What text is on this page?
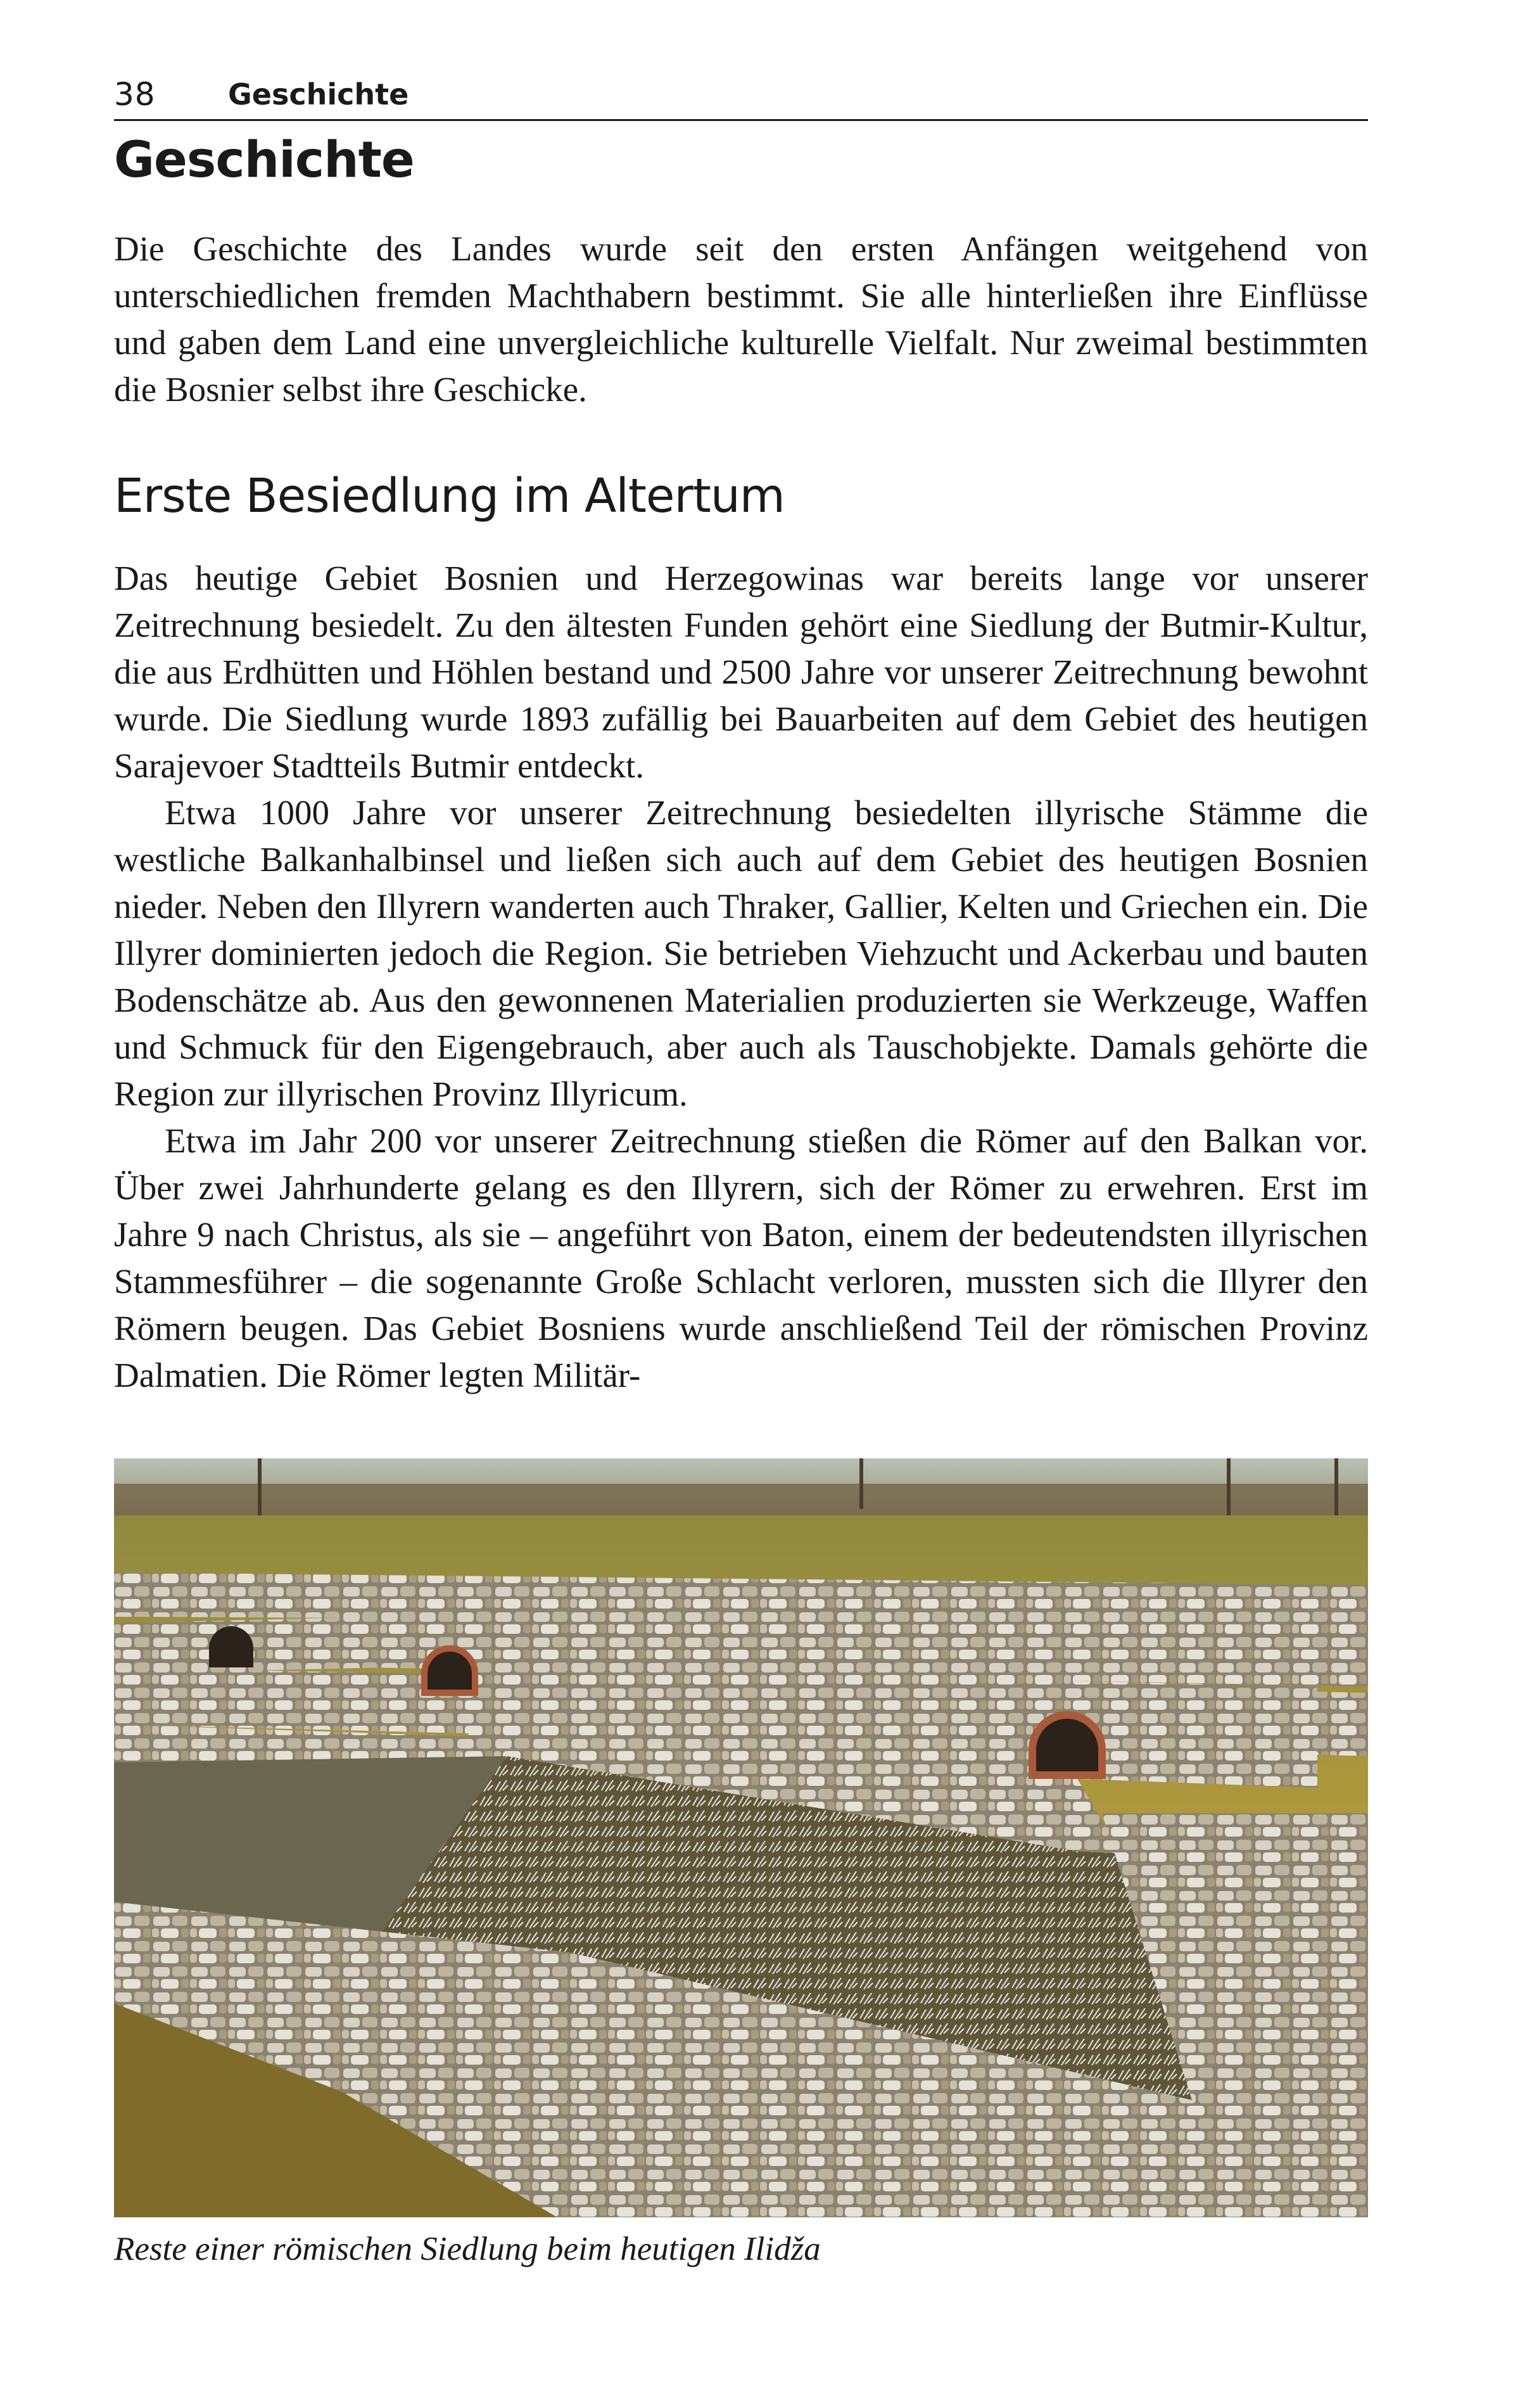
38 Geschichte
Geschichte

Die Geschichte des Landes wurde seit den ersten Anfängen weitgehend von unterschiedlichen fremden Machthabern bestimmt. Sie alle hinterließen ihre Einflüsse und gaben dem Land eine unvergleichliche kulturelle Vielfalt. Nur zweimal bestimmten die Bosnier selbst ihre Geschicke.

Erste Besiedlung im Altertum

Das heutige Gebiet Bosnien und Herzegowinas war bereits lange vor unserer Zeitrechnung besiedelt. Zu den ältesten Funden gehört eine Siedlung der Butmir-Kultur, die aus Erdhütten und Höhlen bestand und 2500 Jahre vor unserer Zeitrechnung bewohnt wurde. Die Siedlung wurde 1893 zufällig bei Bauarbeiten auf dem Gebiet des heutigen Sarajevoer Stadtteils Butmir entdeckt.

Etwa 1000 Jahre vor unserer Zeitrechnung besiedelten illyrische Stämme die westliche Balkanhalbinsel und ließen sich auch auf dem Gebiet des heutigen Bosnien nieder. Neben den Illyrern wanderten auch Thraker, Gallier, Kelten und Griechen ein. Die Illyrer dominierten jedoch die Region. Sie betrieben Viehzucht und Ackerbau und bauten Bodenschätze ab. Aus den gewonnenen Materialien produzierten sie Werkzeuge, Waffen und Schmuck für den Eigengebrauch, aber auch als Tauschobjekte. Damals gehörte die Region zur illyrischen Provinz Illyricum.

Etwa im Jahr 200 vor unserer Zeitrechnung stießen die Römer auf den Balkan vor. Über zwei Jahrhunderte gelang es den Illyrern, sich der Römer zu erwehren. Erst im Jahre 9 nach Christus, als sie – angeführt von Baton, einem der bedeutendsten illyrischen Stammesführer – die sogenannte Große Schlacht verloren, mussten sich die Illyrer den Römern beugen. Das Gebiet Bosniens wurde anschließend Teil der römischen Provinz Dalmatien. Die Römer legten Militär-

Reste einer römischen Siedlung beim heutigen Ilidža
